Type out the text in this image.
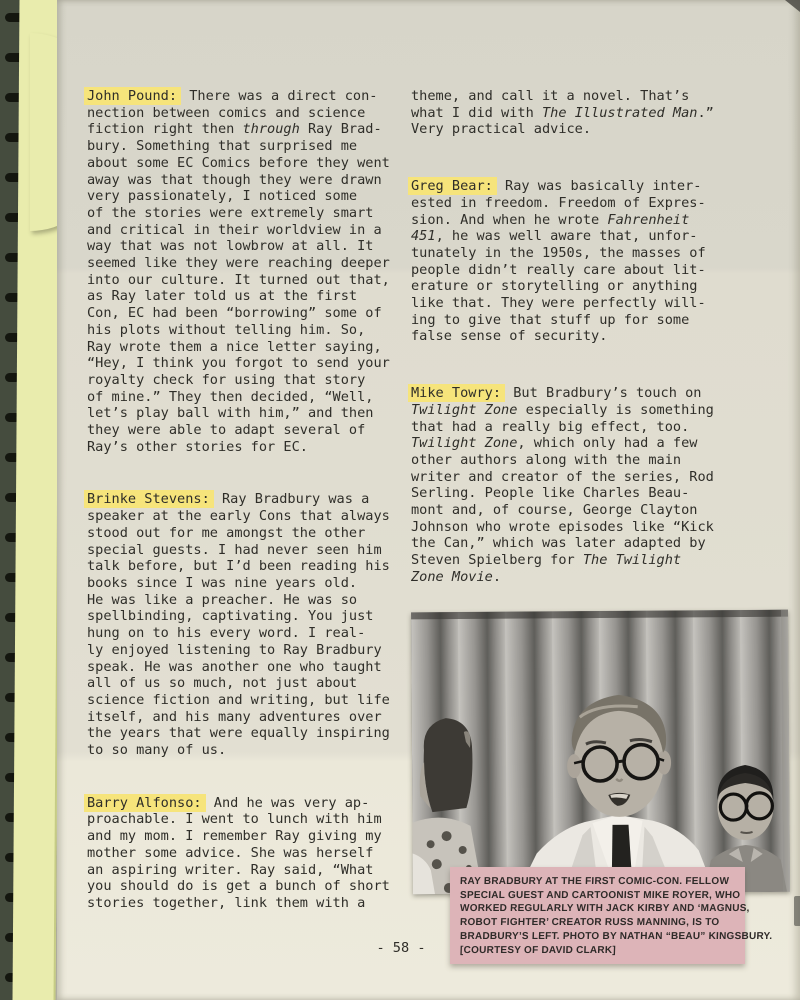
John Pound: There was a direct con-
nection between comics and science
fiction right then through Ray Brad-
bury. Something that surprised me
about some EC Comics before they went
away was that though they were drawn
very passionately, I noticed some
of the stories were extremely smart
and critical in their worldview in a
way that was not lowbrow at all. It
seemed like they were reaching deeper
into our culture. It turned out that,
as Ray later told us at the first
Con, EC had been “borrowing” some of
his plots without telling him. So,
Ray wrote them a nice letter saying,
“Hey, I think you forgot to send your
royalty check for using that story
of mine.” They then decided, “Well,
let’s play ball with him,” and then
they were able to adapt several of
Ray’s other stories for EC.
Brinke Stevens: Ray Bradbury was a
speaker at the early Cons that always
stood out for me amongst the other
special guests. I had never seen him
talk before, but I’d been reading his
books since I was nine years old.
He was like a preacher. He was so
spellbinding, captivating. You just
hung on to his every word. I real-
ly enjoyed listening to Ray Bradbury
speak. He was another one who taught
all of us so much, not just about
science fiction and writing, but life
itself, and his many adventures over
the years that were equally inspiring
to so many of us.
Barry Alfonso: And he was very ap-
proachable. I went to lunch with him
and my mom. I remember Ray giving my
mother some advice. She was herself
an aspiring writer. Ray said, “What
you should do is get a bunch of short
stories together, link them with a
theme, and call it a novel. That’s
what I did with The Illustrated Man.”
Very practical advice.
Greg Bear: Ray was basically inter-
ested in freedom. Freedom of Expres-
sion. And when he wrote Fahrenheit
451, he was well aware that, unfor-
tunately in the 1950s, the masses of
people didn’t really care about lit-
erature or storytelling or anything
like that. They were perfectly will-
ing to give that stuff up for some
false sense of security.
Mike Towry: But Bradbury’s touch on
Twilight Zone especially is something
that had a really big effect, too.
Twilight Zone, which only had a few
other authors along with the main
writer and creator of the series, Rod
Serling. People like Charles Beau-
mont and, of course, George Clayton
Johnson who wrote episodes like “Kick
the Can,” which was later adapted by
Steven Spielberg for The Twilight
Zone Movie.
RAY BRADBURY AT THE FIRST COMIC-CON. FELLOW
SPECIAL GUEST AND CARTOONIST MIKE ROYER, WHO
WORKED REGULARLY WITH JACK KIRBY AND ‘MAGNUS,
ROBOT FIGHTER’ CREATOR RUSS MANNING, IS TO
BRADBURY’S LEFT. PHOTO BY NATHAN “BEAU” KINGSBURY.
[COURTESY OF DAVID CLARK]
- 58 -
